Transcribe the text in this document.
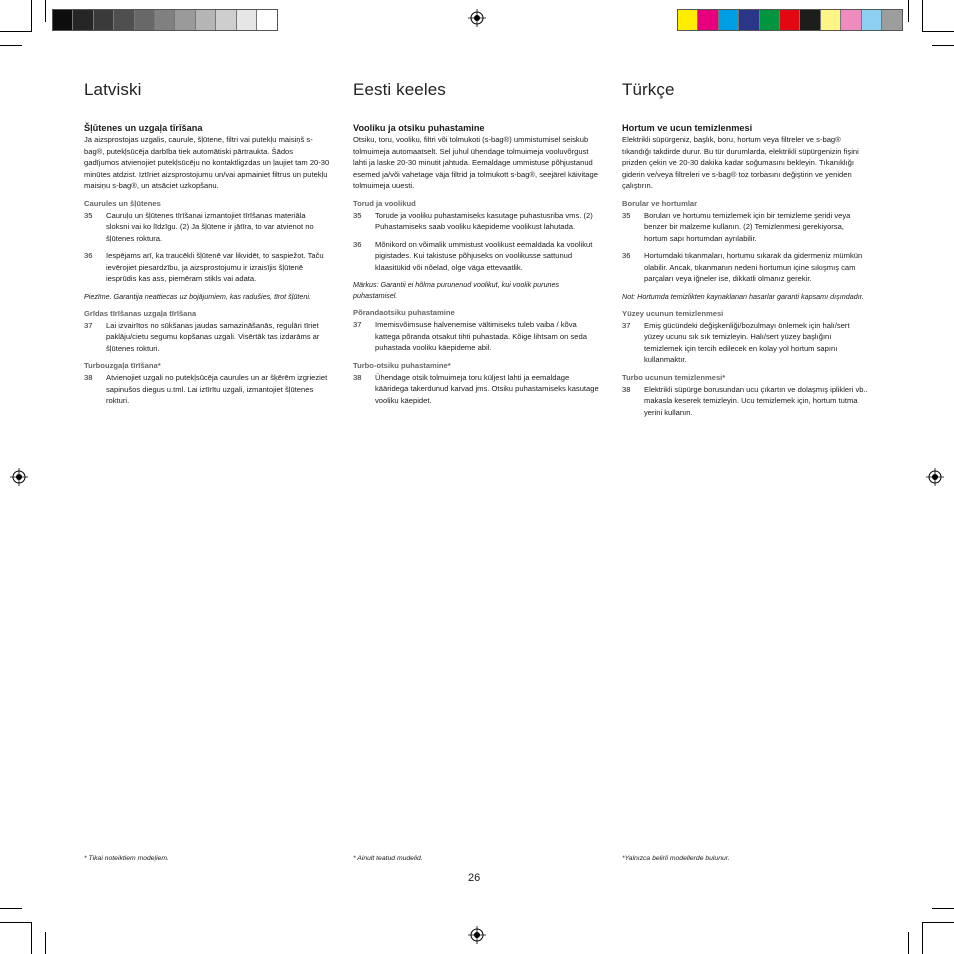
Latviski
Šļūtenes un uzgaļa tīrīšana

Ja aizsprostojas uzgalis, caurule, šļūtene, filtri vai putekļu maisiņš s-bag®, putekļsūcēja darbība tiek automātiski pārtraukta. Šādos gadījumos atvienojiet putekļsūcēju no kontaktligzdas un ļaujiet tam 20-30 minūtes atdzist. Iztīriet aizsprostojumu un/vai apmainiet filtrus un putekļu maisiņu s-bag®, un atsāciet uzkopšanu.

Caurules un šļūtenes
35	Cauruļu un šļūtenes tīrīšanai izmantojiet tīrīšanas materiāla sloksni vai ko līdzīgu. (2) Ja šļūtene ir jātīra, to var atvienot no šļūtenes roktura.
36	Iespējams arī, ka traucēkli šļūtenē var likvidēt, to saspiežot. Taču ievērojiet piesardzību, ja aizsprostojumu ir izraisījis šļūtenē iesprūdis kas ass, piemēram stikls vai adata.

Piezīme. Garantija neattiecas uz bojājumiem, kas radušies, tīrot šļūteni.

Grīdas tīrīšanas uzgaļa tīrīšana
37	Lai izvairītos no sūkšanas jaudas samazināšanās, regulāri tīriet paklāju/cietu segumu kopšanas uzgali. Visērtāk tas izdarāms ar šļūtenes rokturi.
Turbouzgaļa tīrīšana*
38	Atvienojiet uzgali no putekļsūcēja caurules un ar šķērēm izgrieziet sapinušos diegus u.tml. Lai iztīrītu uzgali, izmantojiet šļūtenes rokturi.
Eesti keeles
Vooliku ja otsiku puhastamine

Otsiku, toru, vooliku, filtri või tolmukoti (s-bag®) ummistumisel seiskub tolmuimeja automaatselt. Sel juhul ühendage tolmuimeja vooluvõrgust lahti ja laske 20-30 minutit jahtuda. Eemaldage ummistuse põhjustanud esemed ja/või vahetage väja filtrid ja tolmukott s-bag®, seejärel käivitage tolmuimeja uuesti.

Torud ja voolikud
35	Torude ja vooliku puhastamiseks kasutage puhastusriba vms. (2) Puhastamiseks saab vooliku käepideme voolikust lahutada.
36	Mõnikord on võimalik ummistust voolikust eemaldada ka voolikut pigistades. Kui takistuse põhjuseks on voolikusse sattunud klaasitükid või nõelad, olge väga ettevaatlik.

Märkus: Garantii ei hõlma purunenud voolikut, kui voolik purunes puhastamisel.

Põrandaotsiku puhastamine
37	Imemisvõimsuse halvenemise vältimiseks tuleb vaiba / kõva kattega põranda otsakut tihti puhastada. Kõige lihtsam on seda puhastada vooliku käepideme abil.
Turbo-otsiku puhastamine*
38	Ühendage otsik tolmuimeja toru küljest lahti ja eemaldage kääridega takerdunud karvad jms. Otsiku puhastamiseks kasutage vooliku käepidet.
Türkçe
Hortum ve ucun temizlenmesi

Elektrikli süpürgeniz, başlık, boru, hortum veya filtreler ve s-bag® tıkandığı takdirde durur. Bu tür durumlarda, elektrikli süpürgenizin fişini prizden çekin ve 20-30 dakika kadar soğumasını bekleyin. Tıkanıklığı giderin ve/veya filtreleri ve s-bag® toz torbasını değiştirin ve yeniden çalıştırın.

Borular ve hortumlar
35	Boruları ve hortumu temizlemek için bir temizleme şeridi veya benzer bir malzeme kullanın. (2) Temizlenmesi gerekiyorsa, hortum sapı hortumdan ayrılabilir.
36	Hortumdaki tıkanmaları, hortumu sıkarak da gidermeniz mümkün olabilir. Ancak, tıkanmanın nedeni hortumun içine sıkışmış cam parçaları veya iğneler ise, dikkatli olmanız gerekir.

Not: Hortumda temizlikten kaynaklanan hasarlar garanti kapsamı dışındadır.

Yüzey ucunun temizlenmesi
37	Emiş gücündeki değişkenliği/bozulmayı önlemek için halı/sert yüzey ucunu sık sık temizleyin. Halı/sert yüzey başlığını temizlemek için tercih edilecek en kolay yol hortum sapını kullanmaktır.
Turbo ucunun temizlenmesi*
38	Elektrikli süpürge borusundan ucu çıkartın ve dolaşmış iplikleri vb.. makasla keserek temizleyin. Ucu temizlemek için, hortum tutma yerini kullanın.
* Tikai noteiktiem modeļiem.	* Ainult teatud mudelid.	*Yalnızca belirli modellerde bulunur.
26
